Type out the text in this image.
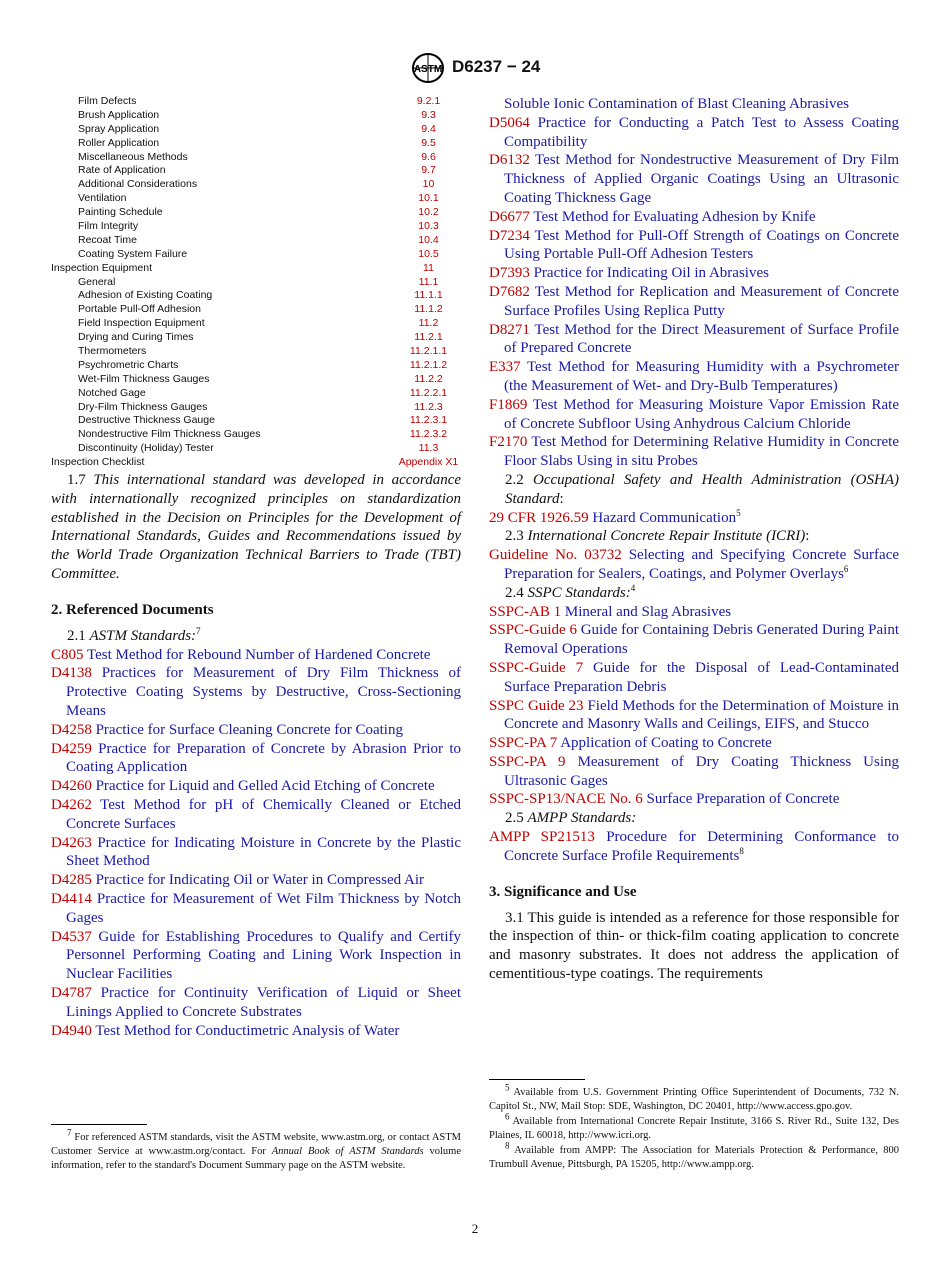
ASTM D6237 − 24
Film Defects	9.2.1
Brush Application	9.3
Spray Application	9.4
Roller Application	9.5
Miscellaneous Methods	9.6
Rate of Application	9.7
Additional Considerations	10
Ventilation	10.1
Painting Schedule	10.2
Film Integrity	10.3
Recoat Time	10.4
Coating System Failure	10.5
Inspection Equipment	11
General	11.1
Adhesion of Existing Coating	11.1.1
Portable Pull-Off Adhesion	11.1.2
Field Inspection Equipment	11.2
Drying and Curing Times	11.2.1
Thermometers	11.2.1.1
Psychrometric Charts	11.2.1.2
Wet-Film Thickness Gauges	11.2.2
Notched Gage	11.2.2.1
Dry-Film Thickness Gauges	11.2.3
Destructive Thickness Gauge	11.2.3.1
Nondestructive Film Thickness Gauges	11.2.3.2
Discontinuity (Holiday) Tester	11.3
Inspection Checklist	Appendix X1

1.7 This international standard was developed in accordance with internationally recognized principles on standardization established in the Decision on Principles for the Development of International Standards, Guides and Recommendations issued by the World Trade Organization Technical Barriers to Trade (TBT) Committee.

2. Referenced Documents
2.1 ASTM Standards:$^7$
C805 Test Method for Rebound Number of Hardened Concrete
D4138 Practices for Measurement of Dry Film Thickness of Protective Coating Systems by Destructive, Cross-Sectioning Means
D4258 Practice for Surface Cleaning Concrete for Coating
D4259 Practice for Preparation of Concrete by Abrasion Prior to Coating Application
D4260 Practice for Liquid and Gelled Acid Etching of Concrete
D4262 Test Method for pH of Chemically Cleaned or Etched Concrete Surfaces
D4263 Practice for Indicating Moisture in Concrete by the Plastic Sheet Method
D4285 Practice for Indicating Oil or Water in Compressed Air
D4414 Practice for Measurement of Wet Film Thickness by Notch Gages
D4537 Guide for Establishing Procedures to Qualify and Certify Personnel Performing Coating and Lining Work Inspection in Nuclear Facilities
D4787 Practice for Continuity Verification of Liquid or Sheet Linings Applied to Concrete Substrates
D4940 Test Method for Conductimetric Analysis of Water
Soluble Ionic Contamination of Blast Cleaning Abrasives
D5064 Practice for Conducting a Patch Test to Assess Coating Compatibility
D6132 Test Method for Nondestructive Measurement of Dry Film Thickness of Applied Organic Coatings Using an Ultrasonic Coating Thickness Gage
D6677 Test Method for Evaluating Adhesion by Knife
D7234 Test Method for Pull-Off Strength of Coatings on Concrete Using Portable Pull-Off Adhesion Testers
D7393 Practice for Indicating Oil in Abrasives
D7682 Test Method for Replication and Measurement of Concrete Surface Profiles Using Replica Putty
D8271 Test Method for the Direct Measurement of Surface Profile of Prepared Concrete
E337 Test Method for Measuring Humidity with a Psychrometer (the Measurement of Wet- and Dry-Bulb Temperatures)
F1869 Test Method for Measuring Moisture Vapor Emission Rate of Concrete Subfloor Using Anhydrous Calcium Chloride
F2170 Test Method for Determining Relative Humidity in Concrete Floor Slabs Using in situ Probes
2.2 Occupational Safety and Health Administration (OSHA) Standard:
29 CFR 1926.59 Hazard Communication$^5$
2.3 International Concrete Repair Institute (ICRI):
Guideline No. 03732 Selecting and Specifying Concrete Surface Preparation for Sealers, Coatings, and Polymer Overlays$^6$
2.4 SSPC Standards:$^4$
SSPC-AB 1 Mineral and Slag Abrasives
SSPC-Guide 6 Guide for Containing Debris Generated During Paint Removal Operations
SSPC-Guide 7 Guide for the Disposal of Lead-Contaminated Surface Preparation Debris
SSPC Guide 23 Field Methods for the Determination of Moisture in Concrete and Masonry Walls and Ceilings, EIFS, and Stucco
SSPC-PA 7 Application of Coating to Concrete
SSPC-PA 9 Measurement of Dry Coating Thickness Using Ultrasonic Gages
SSPC-SP13/NACE No. 6 Surface Preparation of Concrete
2.5 AMPP Standards:
AMPP SP21513 Procedure for Determining Conformance to Concrete Surface Profile Requirements$^8$
3. Significance and Use

3.1 This guide is intended as a reference for those responsible for the inspection of thin- or thick-film coating application to concrete and masonry substrates. It does not address the application of cementitious-type coatings. The requirements

$^7$ For referenced ASTM standards, visit the ASTM website, www.astm.org, or contact ASTM Customer Service at www.astm.org/contact. For Annual Book of ASTM Standards volume information, refer to the standard's Document Summary page on the ASTM website.

$^5$ Available from U.S. Government Printing Office Superintendent of Documents, 732 N. Capitol St., NW, Mail Stop: SDE, Washington, DC 20401, http://www.access.gpo.gov.

$^6$ Available from International Concrete Repair Institute, 3166 S. River Rd., Suite 132, Des Plaines, IL 60018, http://www.icri.org.

$^8$ Available from AMPP: The Association for Materials Protection & Performance, 800 Trumbull Avenue, Pittsburgh, PA 15205, http://www.ampp.org.

2
